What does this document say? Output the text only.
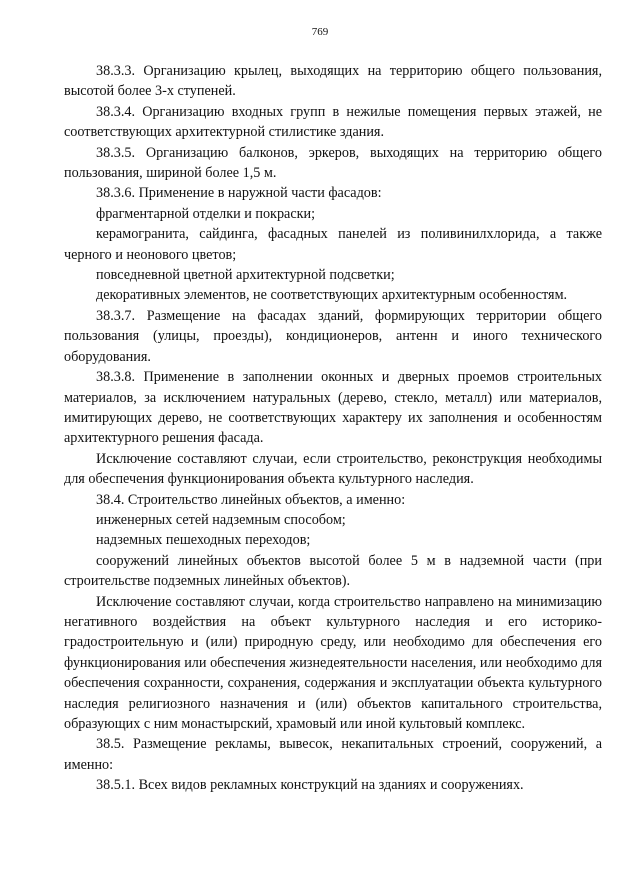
769

38.3.3. Организацию крылец, выходящих на территорию общего пользования, высотой более 3-х ступеней.

38.3.4. Организацию входных групп в нежилые помещения первых этажей, не соответствующих архитектурной стилистике здания.

38.3.5. Организацию балконов, эркеров, выходящих на территорию общего пользования, шириной более 1,5 м.

38.3.6. Применение в наружной части фасадов:

фрагментарной отделки и покраски;

керамогранита, сайдинга, фасадных панелей из поливинилхлорида, а также черного и неонового цветов;

повседневной цветной архитектурной подсветки;

декоративных элементов, не соответствующих архитектурным особенностям.

38.3.7. Размещение на фасадах зданий, формирующих территории общего пользования (улицы, проезды), кондиционеров, антенн и иного технического оборудования.

38.3.8. Применение в заполнении оконных и дверных проемов строительных материалов, за исключением натуральных (дерево, стекло, металл) или материалов, имитирующих дерево, не соответствующих характеру их заполнения и особенностям архитектурного решения фасада.

Исключение составляют случаи, если строительство, реконструкция необходимы для обеспечения функционирования объекта культурного наследия.

38.4. Строительство линейных объектов, а именно:

инженерных сетей надземным способом;

надземных пешеходных переходов;

сооружений линейных объектов высотой более 5 м в надземной части (при строительстве подземных линейных объектов).

Исключение составляют случаи, когда строительство направлено на минимизацию негативного воздействия на объект культурного наследия и его историко-градостроительную и (или) природную среду, или необходимо для обеспечения его функционирования или обеспечения жизнедеятельности населения, или необходимо для обеспечения сохранности, сохранения, содержания и эксплуатации объекта культурного наследия религиозного назначения и (или) объектов капитального строительства, образующих с ним монастырский, храмовый или иной культовый комплекс.

38.5. Размещение рекламы, вывесок, некапитальных строений, сооружений, а именно:

38.5.1. Всех видов рекламных конструкций на зданиях и сооружениях.
